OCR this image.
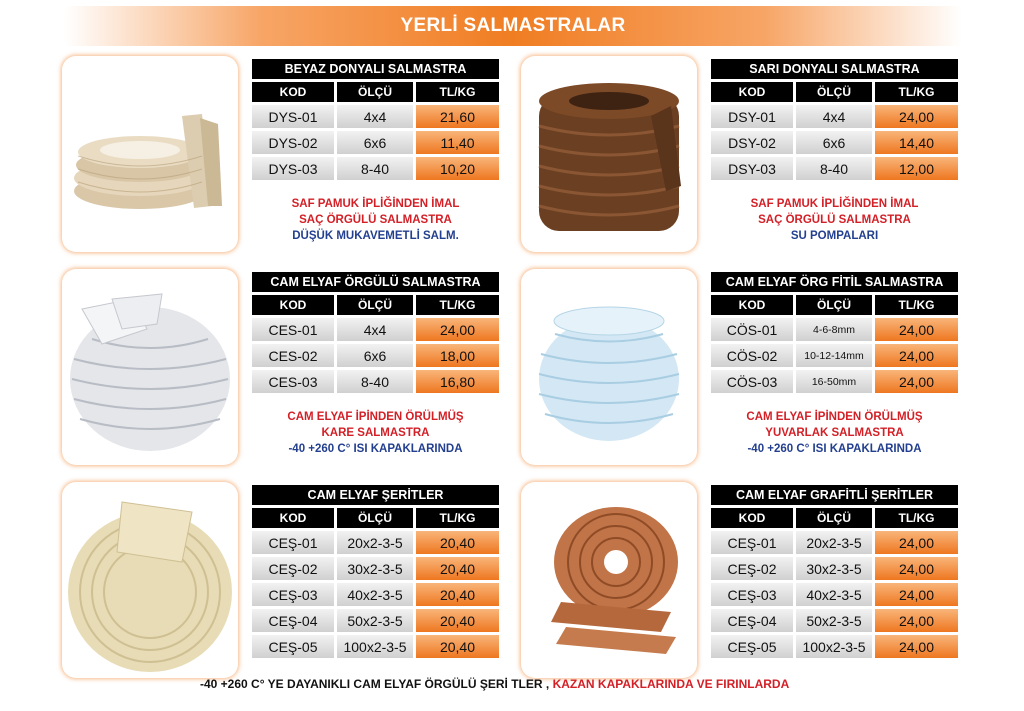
YERLİ SALMASTRALAR
BEYAZ DONYALI SALMASTRA
KOD	ÖLÇÜ	TL/KG
DYS-01	4x4	21,60
DYS-02	6x6	11,40
DYS-03	8-40	10,20
SAF PAMUK İPLİĞİNDEN İMAL
SAÇ ÖRGÜLÜ SALMASTRA
DÜŞÜK MUKAVEMETLİ SALM.
SARI DONYALI SALMASTRA
KOD	ÖLÇÜ	TL/KG
DSY-01	4x4	24,00
DSY-02	6x6	14,40
DSY-03	8-40	12,00
SAF PAMUK İPLİĞİNDEN İMAL
SAÇ ÖRGÜLÜ SALMASTRA
SU POMPALARI
CAM ELYAF ÖRGÜLÜ SALMASTRA
KOD	ÖLÇÜ	TL/KG
CES-01	4x4	24,00
CES-02	6x6	18,00
CES-03	8-40	16,80
CAM ELYAF İPİNDEN ÖRÜLMÜŞ
KARE SALMASTRA
-40 +260 C° ISI KAPAKLARINDA
CAM ELYAF ÖRG FİTİL SALMASTRA
KOD	ÖLÇÜ	TL/KG
CÖS-01	4-6-8mm	24,00
CÖS-02	10-12-14mm	24,00
CÖS-03	16-50mm	24,00
CAM ELYAF İPİNDEN ÖRÜLMÜŞ
YUVARLAK SALMASTRA
-40 +260 C° ISI KAPAKLARINDA
CAM ELYAF ŞERİTLER
KOD	ÖLÇÜ	TL/KG
CEŞ-01	20x2-3-5	20,40
CEŞ-02	30x2-3-5	20,40
CEŞ-03	40x2-3-5	20,40
CEŞ-04	50x2-3-5	20,40
CEŞ-05	100x2-3-5	20,40
CAM ELYAF GRAFİTLİ ŞERİTLER
KOD	ÖLÇÜ	TL/KG
CEŞ-01	20x2-3-5	24,00
CEŞ-02	30x2-3-5	24,00
CEŞ-03	40x2-3-5	24,00
CEŞ-04	50x2-3-5	24,00
CEŞ-05	100x2-3-5	24,00
-40 +260 C° YE DAYANIKLI CAM ELYAF ÖRGÜLÜ ŞERİ TLER , KAZAN KAPAKLARINDA VE FIRINLARDA
